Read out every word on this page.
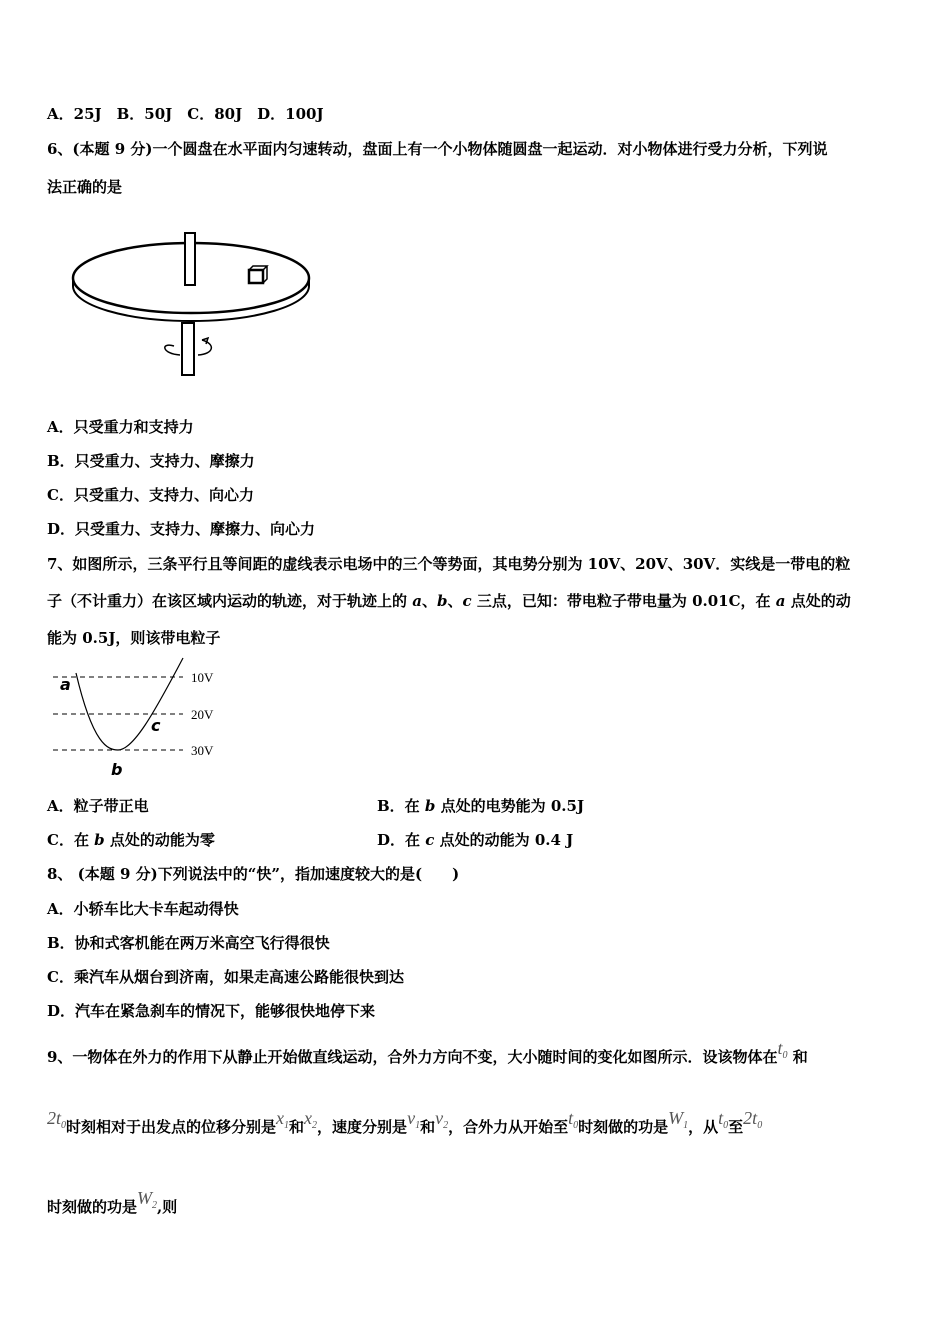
A．25J　B．50J　C．80J　D．100J
6、(本题 9 分)一个圆盘在水平面内匀速转动，盘面上有一个小物体随圆盘一起运动．对小物体进行受力分析，下列说
法正确的是
A．只受重力和支持力
B．只受重力、支持力、摩擦力
C．只受重力、支持力、向心力
D．只受重力、支持力、摩擦力、向心力
7、如图所示，三条平行且等间距的虚线表示电场中的三个等势面，其电势分别为 10V、20V、30V．实线是一带电的粒
子（不计重力）在该区域内运动的轨迹，对于轨迹上的 a、b、c 三点，已知：带电粒子带电量为 0.01C，在 a 点处的动
能为 0.5J，则该带电粒子
10V
20V
30V
a
b
c
A．粒子带正电	B．在 b 点处的电势能为 0.5J
C．在 b 点处的动能为零	D．在 c 点处的动能为 0.4 J
8、 (本题 9 分)下列说法中的“快”，指加速度较大的是(　　)
A．小轿车比大卡车起动得快
B．协和式客机能在两万米高空飞行得很快
C．乘汽车从烟台到济南，如果走高速公路能很快到达
D．汽车在紧急刹车的情况下，能够很快地停下来
9、一物体在外力的作用下从静止开始做直线运动，合外力方向不变，大小随时间的变化如图所示．设该物体在$t_0$ 和
$2t_0$时刻相对于出发点的位移分别是$x_1$和$x_2$，速度分别是$v_1$和$v_2$，合外力从开始至$t_0$时刻做的功是$W_1$，从$t_0$至$2t_0$
时刻做的功是$W_2$,则
